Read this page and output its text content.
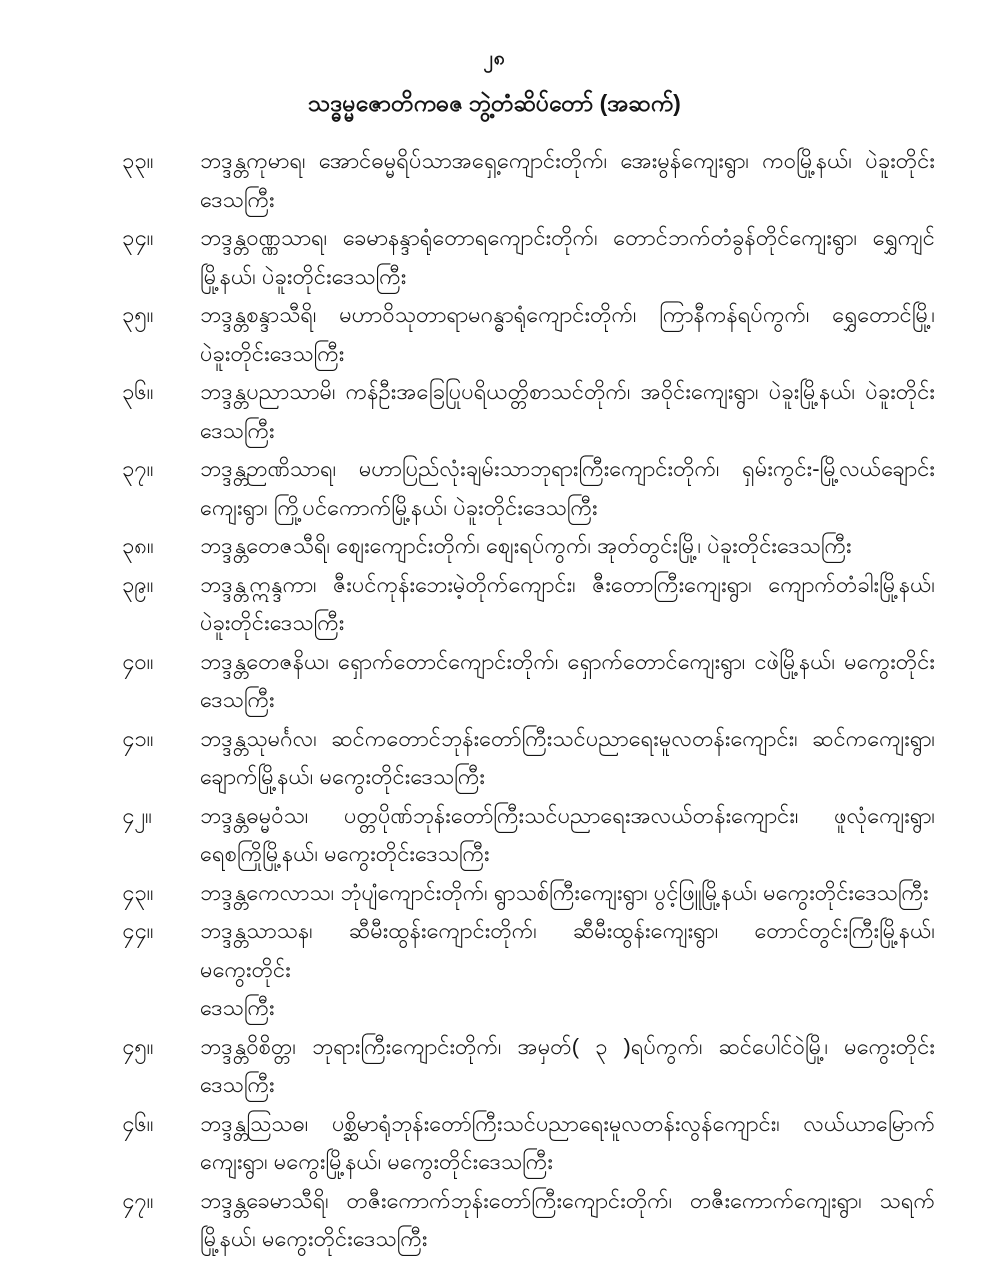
၂၈
သဒ္ဓမ္မဇောတိကဓဇ ဘွဲ့တံဆိပ်တော် (အဆက်)
၃၃။	ဘဒ္ဒန္တကုမာရ၊ အောင်ဓမ္မရိပ်သာအရှေ့ကျောင်းတိုက်၊ အေးမွန်ကျေးရွာ၊ ကဝမြို့နယ်၊ ပဲခူးတိုင်း
ဒေသကြီး
၃၄။	ဘဒ္ဒန္တဝဏ္ဏသာရ၊ ခေမာနန္ဒာရုံတောရကျောင်းတိုက်၊ တောင်ဘက်တံခွန်တိုင်ကျေးရွာ၊ ရွှေကျင်
မြို့နယ်၊ ပဲခူးတိုင်းဒေသကြီး
၃၅။	ဘဒ္ဒန္တစန္ဒာသီရိ၊ မဟာဝိသုတာရာမဂန္ဓာရုံကျောင်းတိုက်၊ ကြာနီကန်ရပ်ကွက်၊ ရွှေတောင်မြို့၊
ပဲခူးတိုင်းဒေသကြီး
၃၆။	ဘဒ္ဒန္တပညာသာမိ၊ ကန်ဦးအခြေပြုပရိယတ္တိစာသင်တိုက်၊ အဝိုင်းကျေးရွာ၊ ပဲခူးမြို့နယ်၊ ပဲခူးတိုင်း
ဒေသကြီး
၃၇။	ဘဒ္ဒန္တဉာဏိသာရ၊ မဟာပြည်လုံးချမ်းသာဘုရားကြီးကျောင်းတိုက်၊ ရှမ်းကွင်း-မြို့လယ်ချောင်း
ကျေးရွာ၊ ကြို့ပင်ကောက်မြို့နယ်၊ ပဲခူးတိုင်းဒေသကြီး
၃၈။	ဘဒ္ဒန္တတေဇသီရိ၊ စျေးကျောင်းတိုက်၊ စျေးရပ်ကွက်၊ အုတ်တွင်းမြို့၊ ပဲခူးတိုင်းဒေသကြီး
၃၉။	ဘဒ္ဒန္တဣန္ဒကာ၊ ဇီးပင်ကုန်းဘေးမဲ့တိုက်ကျောင်း၊ ဇီးတောကြီးကျေးရွာ၊ ကျောက်တံခါးမြို့နယ်၊
ပဲခူးတိုင်းဒေသကြီး
၄၀။	ဘဒ္ဒန္တတေဇနိယ၊ ရှောက်တောင်ကျောင်းတိုက်၊ ရှောက်တောင်ကျေးရွာ၊ ငဖဲမြို့နယ်၊ မကွေးတိုင်း
ဒေသကြီး
၄၁။	ဘဒ္ဒန္တသုမင်္ဂလ၊ ဆင်ကတောင်ဘုန်းတော်ကြီးသင်ပညာရေးမူလတန်းကျောင်း၊ ဆင်ကကျေးရွာ၊
ချောက်မြို့နယ်၊ မကွေးတိုင်းဒေသကြီး
၄၂။	ဘဒ္ဒန္တဓမ္မဝံသ၊ ပတ္တပိုဏ်ဘုန်းတော်ကြီးသင်ပညာရေးအလယ်တန်းကျောင်း၊ ဖူလုံကျေးရွာ၊
ရေစကြိုမြို့နယ်၊ မကွေးတိုင်းဒေသကြီး
၄၃။	ဘဒ္ဒန္တကေလာသ၊ ဘုံပျံကျောင်းတိုက်၊ ရွာသစ်ကြီးကျေးရွာ၊ ပွင့်ဖြူမြို့နယ်၊ မကွေးတိုင်းဒေသကြီး
၄၄။	ဘဒ္ဒန္တသာသန၊ ဆီမီးထွန်းကျောင်းတိုက်၊ ဆီမီးထွန်းကျေးရွာ၊ တောင်တွင်းကြီးမြို့နယ်၊ မကွေးတိုင်း
ဒေသကြီး
၄၅။	ဘဒ္ဒန္တဝိစိတ္တ၊ ဘုရားကြီးကျောင်းတိုက်၊ အမှတ်( ၃ )ရပ်ကွက်၊ ဆင်ပေါင်ဝဲမြို့၊ မကွေးတိုင်း
ဒေသကြီး
၄၆။	ဘဒ္ဒန္တဩသဓ၊ ပစ္ဆိမာရုံဘုန်းတော်ကြီးသင်ပညာရေးမူလတန်းလွန်ကျောင်း၊ လယ်ယာမြောက်
ကျေးရွာ၊ မကွေးမြို့နယ်၊ မကွေးတိုင်းဒေသကြီး
၄၇။	ဘဒ္ဒန္တခေမာသီရိ၊ တဇီးကောက်ဘုန်းတော်ကြီးကျောင်းတိုက်၊ တဇီးကောက်ကျေးရွာ၊ သရက်
မြို့နယ်၊ မကွေးတိုင်းဒေသကြီး
